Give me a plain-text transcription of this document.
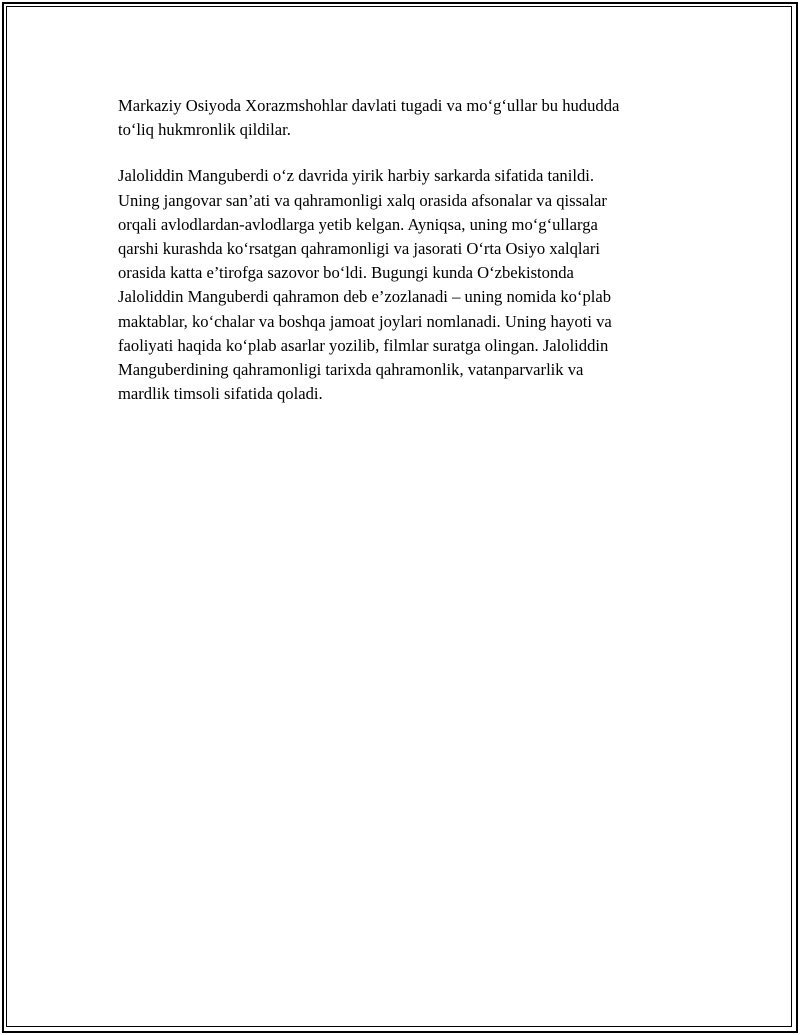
Markaziy Osiyoda Xorazmshohlar davlati tugadi va mo‘g‘ullar bu hududda
to‘liq hukmronlik qildilar.

Jaloliddin Manguberdi o‘z davrida yirik harbiy sarkarda sifatida tanildi.
Uning jangovar san’ati va qahramonligi xalq orasida afsonalar va qissalar
orqali avlodlardan-avlodlarga yetib kelgan. Ayniqsa, uning mo‘g‘ullarga
qarshi kurashda ko‘rsatgan qahramonligi va jasorati O‘rta Osiyo xalqlari
orasida katta e’tirofga sazovor bo‘ldi. Bugungi kunda O‘zbekistonda
Jaloliddin Manguberdi qahramon deb e’zozlanadi – uning nomida ko‘plab
maktablar, ko‘chalar va boshqa jamoat joylari nomlanadi. Uning hayoti va
faoliyati haqida ko‘plab asarlar yozilib, filmlar suratga olingan. Jaloliddin
Manguberdining qahramonligi tarixda qahramonlik, vatanparvarlik va
mardlik timsoli sifatida qoladi.
